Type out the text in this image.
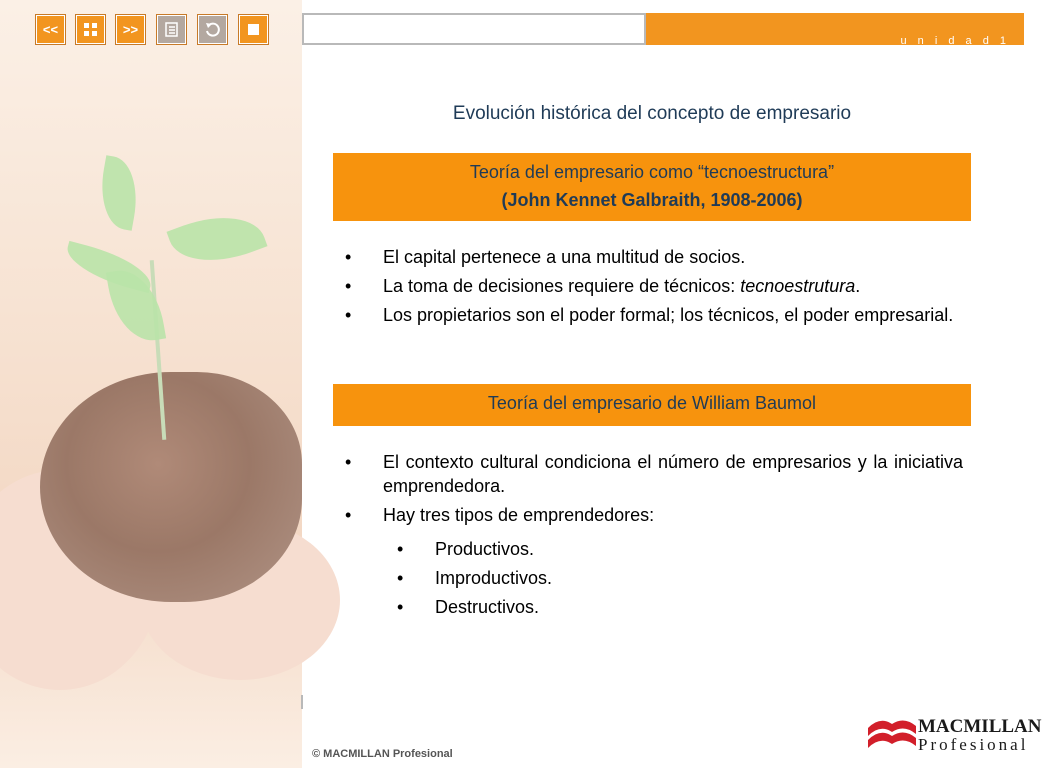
<<	>>
u n i d a d 1
Evolución histórica del concepto de empresario
Teoría del empresario como “tecnoestructura”
(John Kennet Galbraith, 1908-2006)
•	El capital pertenece a una multitud de socios.
•	La toma de decisiones requiere de técnicos: tecnoestrutura.
•	Los propietarios son el poder formal; los técnicos, el poder empresarial.
Teoría del empresario de William Baumol
•	El contexto cultural condiciona el número de empresarios y la iniciativa emprendedora.
•	Hay tres tipos de emprendedores:
•	Productivos.
•	Improductivos.
•	Destructivos.
© MACMILLAN Profesional
MACMILLAN
Profesional
